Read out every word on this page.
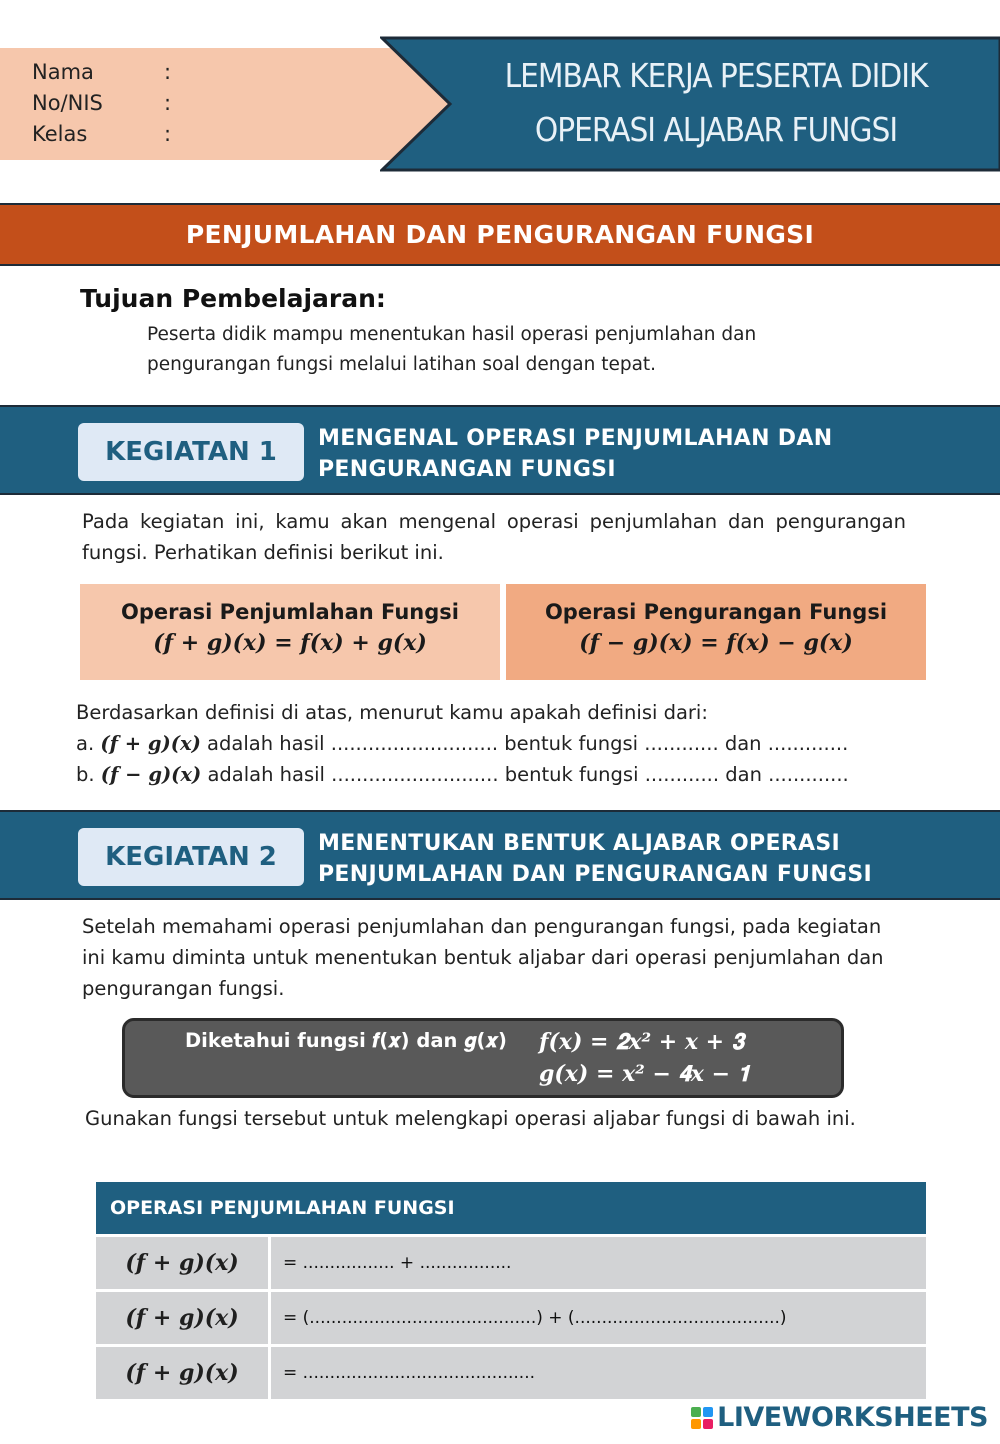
Nama	:
No/NIS	:
Kelas	:
LEMBAR KERJA PESERTA DIDIK
OPERASI ALJABAR FUNGSI
PENJUMLAHAN DAN PENGURANGAN FUNGSI
Tujuan Pembelajaran:
Peserta didik mampu menentukan hasil operasi penjumlahan dan
pengurangan fungsi melalui latihan soal dengan tepat.
KEGIATAN 1	MENGENAL OPERASI PENJUMLAHAN DAN
PENGURANGAN FUNGSI
Pada kegiatan ini, kamu akan mengenal operasi penjumlahan dan pengurangan fungsi. Perhatikan definisi berikut ini.
Operasi Penjumlahan Fungsi
(𝒇 + 𝒈)(𝒙) = 𝒇(𝒙) + 𝒈(𝒙)
Operasi Pengurangan Fungsi
(𝒇 − 𝒈)(𝒙) = 𝒇(𝒙) − 𝒈(𝒙)
Berdasarkan definisi di atas, menurut kamu apakah definisi dari:
a. (𝒇 + 𝒈)(𝒙) adalah hasil ........................... bentuk fungsi ............ dan .............
b. (𝒇 − 𝒈)(𝒙) adalah hasil ........................... bentuk fungsi ............ dan .............
KEGIATAN 2	MENENTUKAN BENTUK ALJABAR OPERASI
PENJUMLAHAN DAN PENGURANGAN FUNGSI
Setelah memahami operasi penjumlahan dan pengurangan fungsi, pada kegiatan ini kamu diminta untuk menentukan bentuk aljabar dari operasi penjumlahan dan pengurangan fungsi.
Diketahui fungsi 𝒇(𝒙) dan 𝒈(𝒙) 𝒇(𝒙) = 𝟐𝒙² + 𝒙 + 𝟑
𝒈(𝒙) = 𝒙² − 𝟒𝒙 − 𝟏
Gunakan fungsi tersebut untuk melengkapi operasi aljabar fungsi di bawah ini.
OPERASI PENJUMLAHAN FUNGSI
(𝒇 + 𝒈)(𝒙)	= ................. + .................
(𝒇 + 𝒈)(𝒙)	= (..........................................) + (......................................)
(𝒇 + 𝒈)(𝒙)	= ...........................................
LIVEWORKSHEETS
